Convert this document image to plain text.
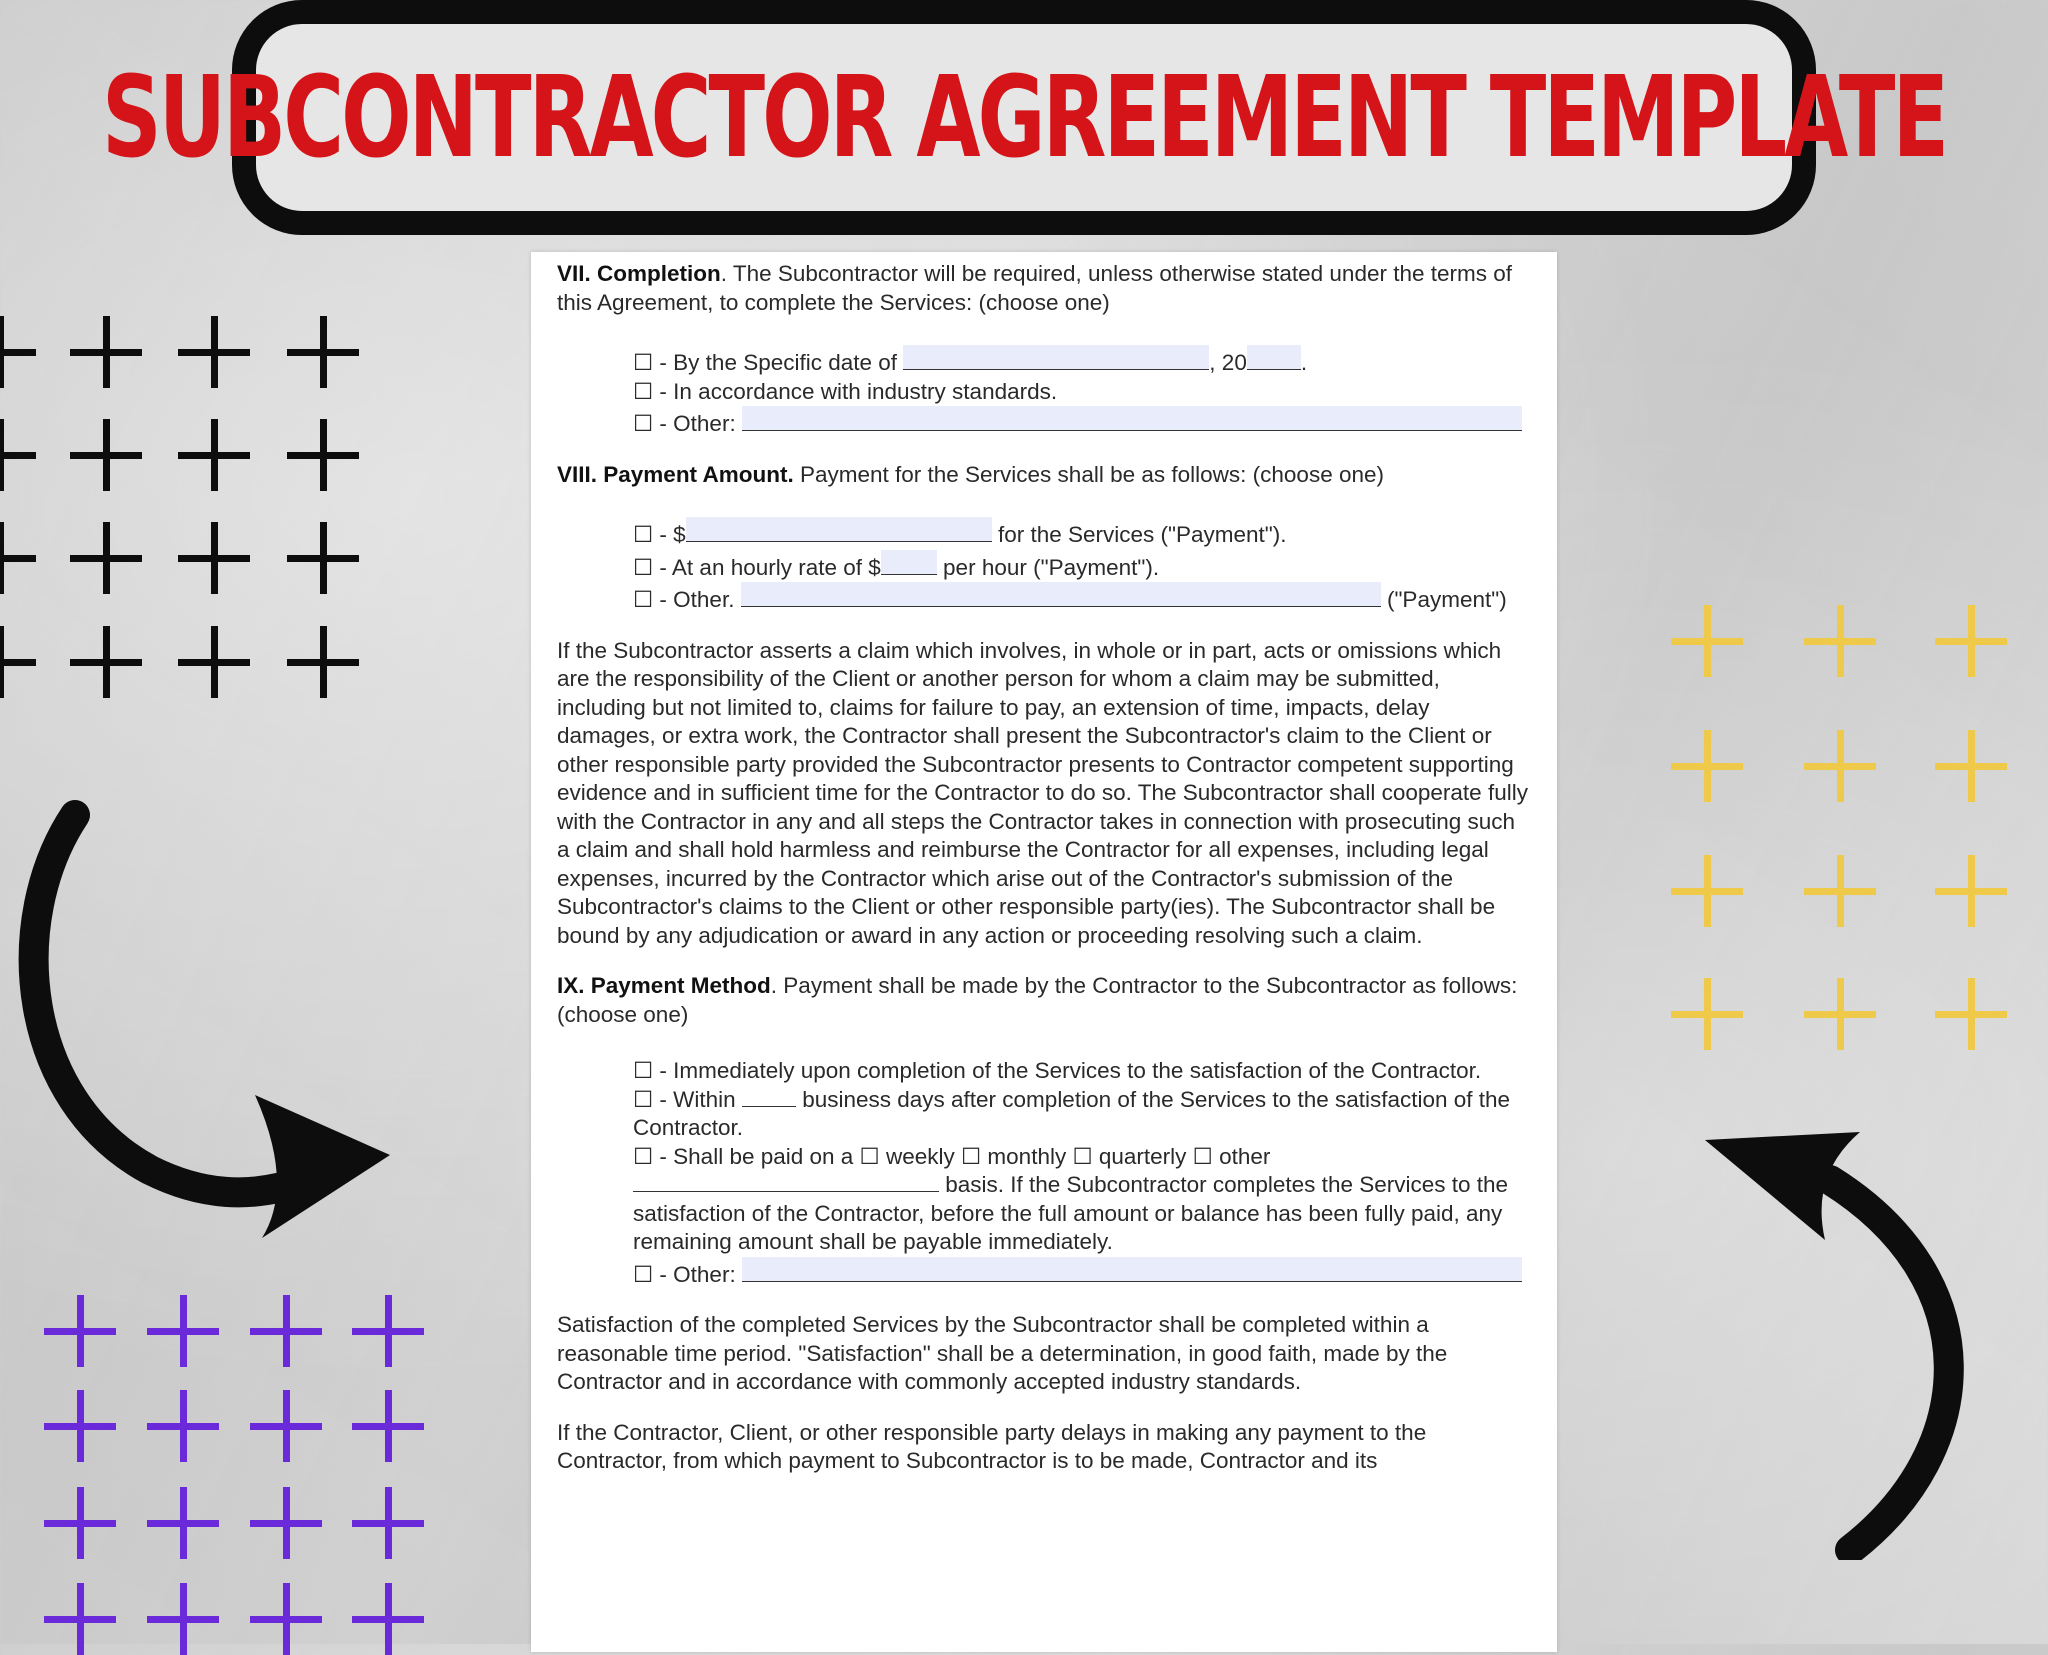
SUBCONTRACTOR AGREEMENT TEMPLATE

VII. Completion. The Subcontractor will be required, unless otherwise stated under the terms of this Agreement, to complete the Services: (choose one)

☐ - By the Specific date of	, 20 .

☐ - In accordance with industry standards.

☐ - Other:

VIII. Payment Amount. Payment for the Services shall be as follows: (choose one)

☐ - $	for the Services ("Payment").

☐ - At an hourly rate of $ per hour ("Payment").

☐ - Other.	("Payment")

If the Subcontractor asserts a claim which involves, in whole or in part, acts or omissions which are the responsibility of the Client or another person for whom a claim may be submitted, including but not limited to, claims for failure to pay, an extension of time, impacts, delay damages, or extra work, the Contractor shall present the Subcontractor's claim to the Client or other responsible party provided the Subcontractor presents to Contractor competent supporting evidence and in sufficient time for the Contractor to do so. The Subcontractor shall cooperate fully with the Contractor in any and all steps the Contractor takes in connection with prosecuting such a claim and shall hold harmless and reimburse the Contractor for all expenses, including legal expenses, incurred by the Contractor which arise out of the Contractor's submission of the Subcontractor's claims to the Client or other responsible party(ies). The Subcontractor shall be bound by any adjudication or award in any action or proceeding resolving such a claim.

IX. Payment Method. Payment shall be made by the Contractor to the Subcontractor as follows: (choose one)

☐ - Immediately upon completion of the Services to the satisfaction of the Contractor.

☐ - Within  business days after completion of the Services to the satisfaction of the Contractor.

☐ - Shall be paid on a ☐ weekly ☐ monthly ☐ quarterly ☐ other
basis. If the Subcontractor completes the Services to the satisfaction of the Contractor, before the full amount or balance has been fully paid, any remaining amount shall be payable immediately.

☐ - Other:

Satisfaction of the completed Services by the Subcontractor shall be completed within a reasonable time period. "Satisfaction" shall be a determination, in good faith, made by the Contractor and in accordance with commonly accepted industry standards.

If the Contractor, Client, or other responsible party delays in making any payment to the Contractor, from which payment to Subcontractor is to be made, Contractor and its
